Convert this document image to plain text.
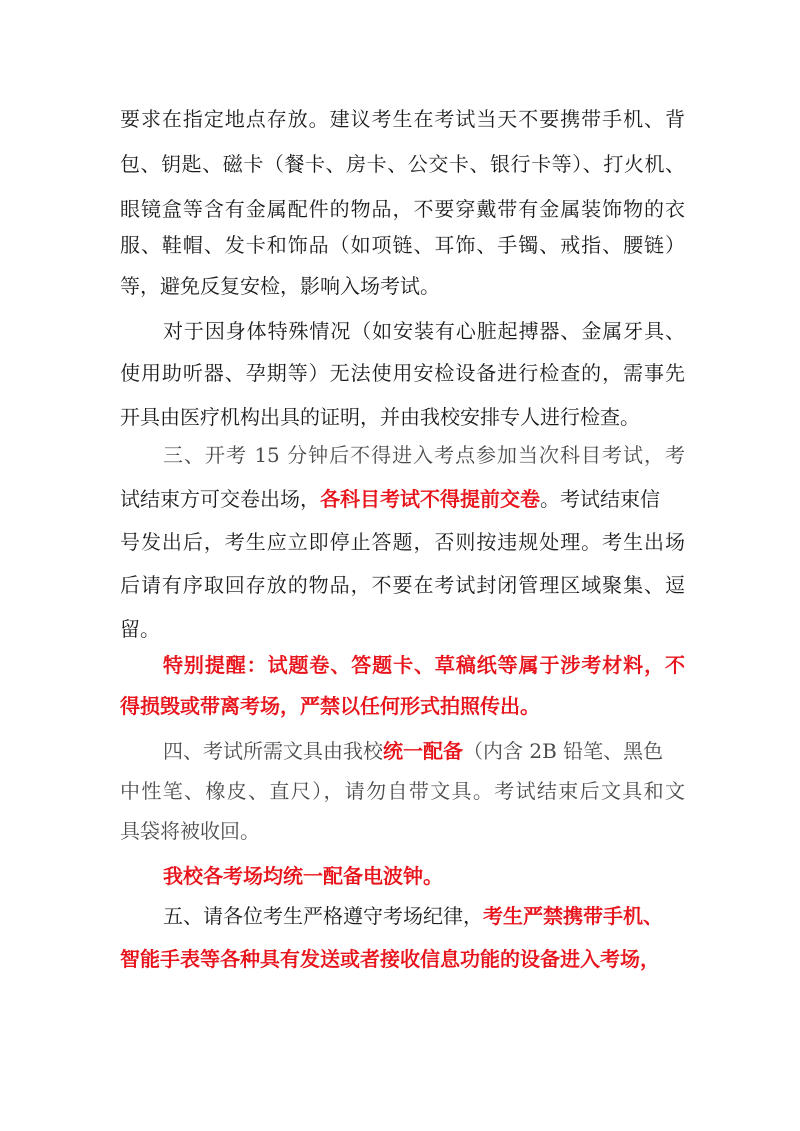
要求在指定地点存放。建议考生在考试当天不要携带手机、背
包、钥匙、磁卡（餐卡、房卡、公交卡、银行卡等）、打火机、
眼镜盒等含有金属配件的物品，不要穿戴带有金属装饰物的衣
服、鞋帽、发卡和饰品（如项链、耳饰、手镯、戒指、腰链）
等，避免反复安检，影响入场考试。
对于因身体特殊情况（如安装有心脏起搏器、金属牙具、
使用助听器、孕期等）无法使用安检设备进行检查的，需事先
开具由医疗机构出具的证明，并由我校安排专人进行检查。
三、开考 15 分钟后不得进入考点参加当次科目考试，考
试结束方可交卷出场，各科目考试不得提前交卷。考试结束信
号发出后，考生应立即停止答题，否则按违规处理。考生出场
后请有序取回存放的物品，不要在考试封闭管理区域聚集、逗
留。
特别提醒：试题卷、答题卡、草稿纸等属于涉考材料，不
得损毁或带离考场，严禁以任何形式拍照传出。
四、考试所需文具由我校统一配备（内含 2B 铅笔、黑色
中性笔、橡皮、直尺），请勿自带文具。考试结束后文具和文
具袋将被收回。
我校各考场均统一配备电波钟。
五、请各位考生严格遵守考场纪律，考生严禁携带手机、
智能手表等各种具有发送或者接收信息功能的设备进入考场，
